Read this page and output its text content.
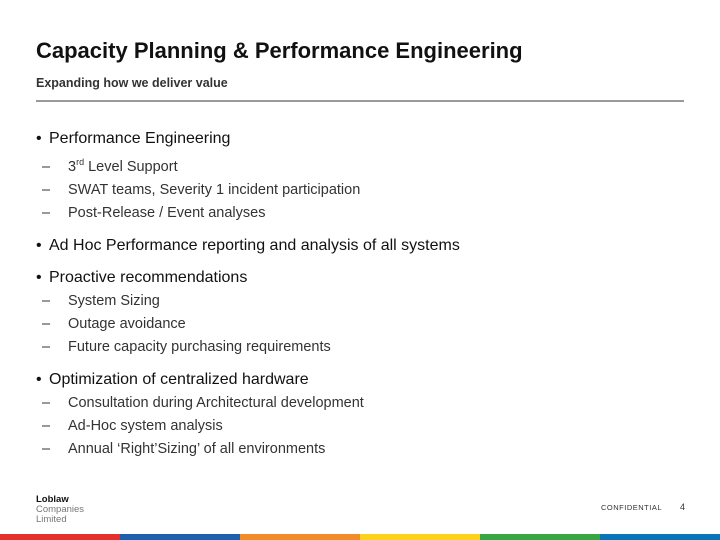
Capacity Planning & Performance Engineering
Expanding how we deliver value
• Performance Engineering
– 3rd Level Support
– SWAT teams, Severity 1 incident participation
– Post-Release / Event analyses
• Ad Hoc Performance reporting and analysis of all systems
• Proactive recommendations
– System Sizing
– Outage avoidance
– Future capacity purchasing requirements
• Optimization of centralized hardware
– Consultation during Architectural development
– Ad-Hoc system analysis
– Annual ‘Right’Sizing’ of all environments
Loblaw
Companies
Limited
CONFIDENTIAL 4
